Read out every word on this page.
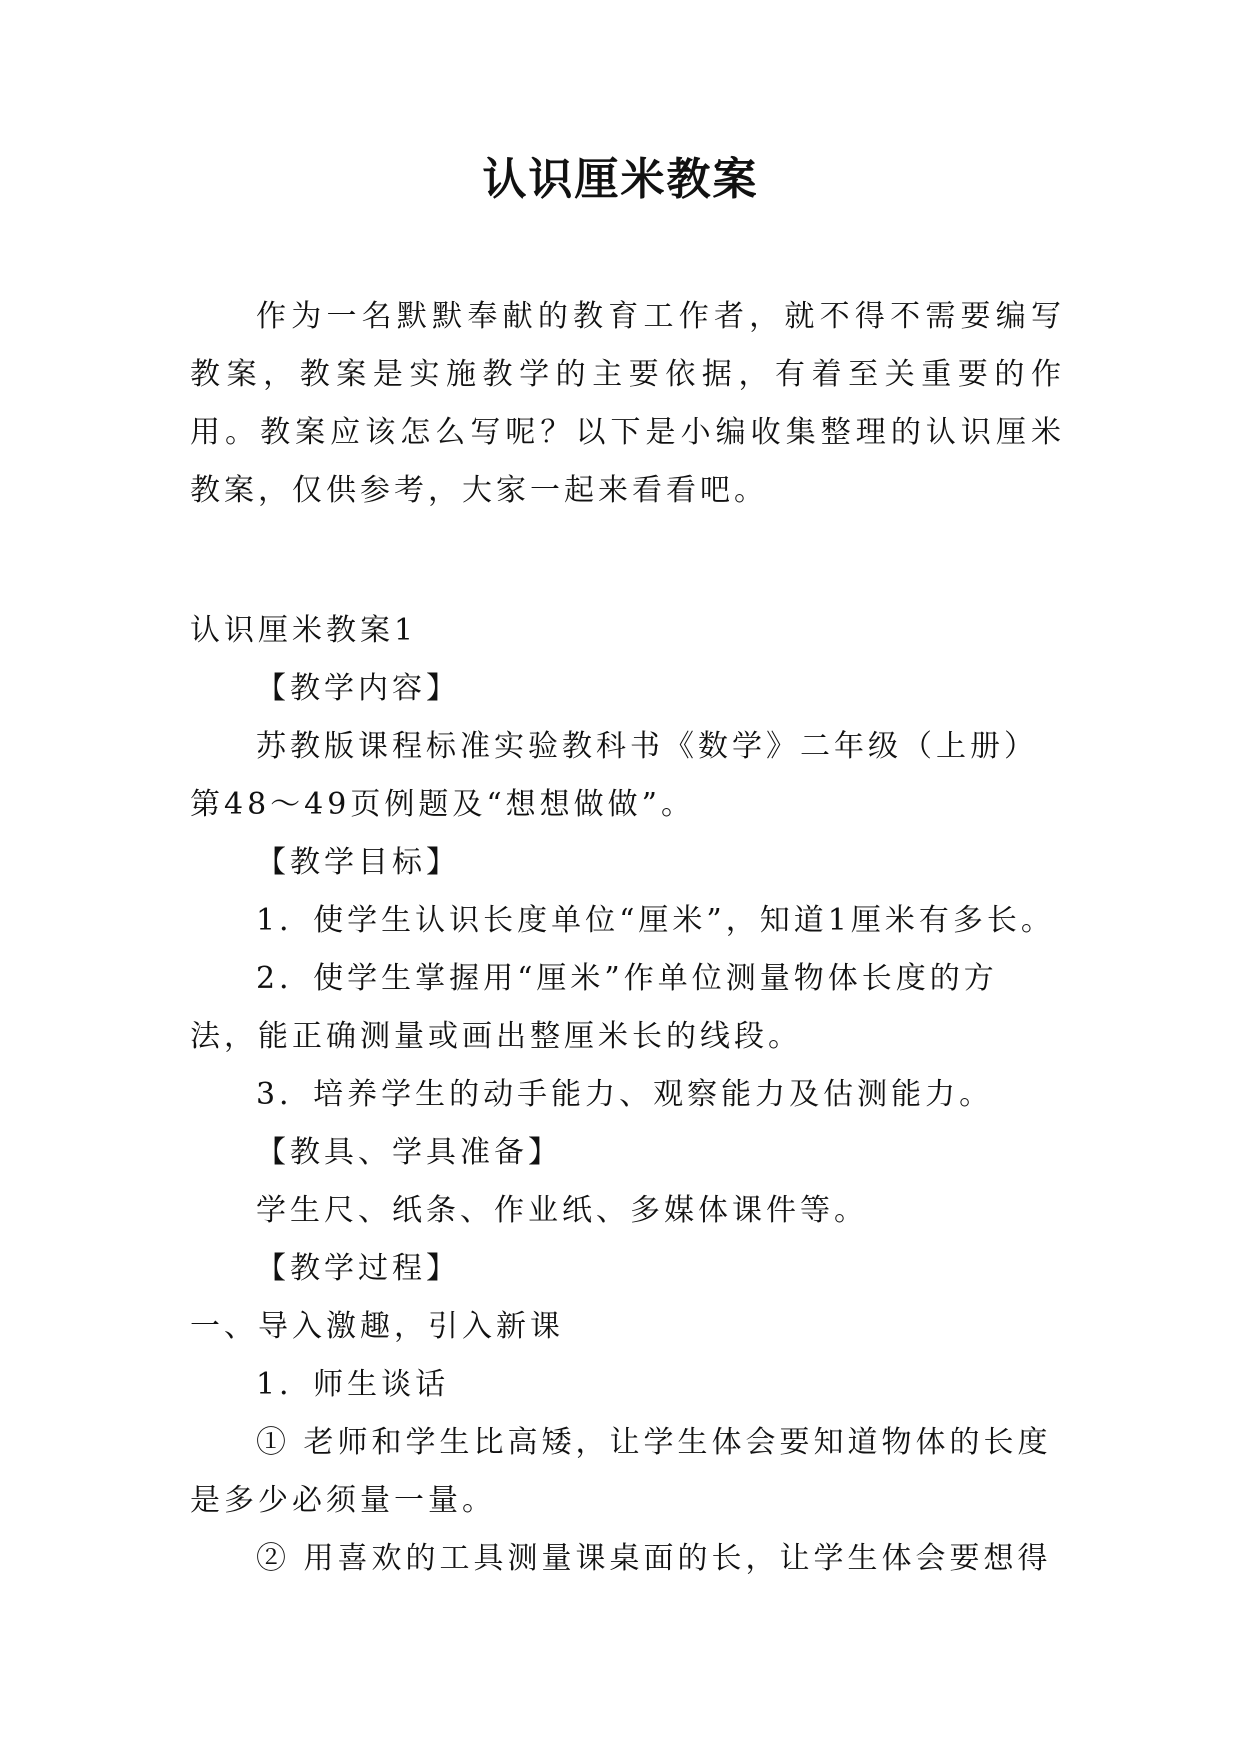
认识厘米教案

作为一名默默奉献的教育工作者，就不得不需要编写教案，教案是实施教学的主要依据，有着至关重要的作用。教案应该怎么写呢？以下是小编收集整理的认识厘米教案，仅供参考，大家一起来看看吧。

认识厘米教案1

【教学内容】

苏教版课程标准实验教科书《数学》二年级（上册）第48～49页例题及“想想做做”。

【教学目标】

1．使学生认识长度单位“厘米”，知道1厘米有多长。

2．使学生掌握用“厘米”作单位测量物体长度的方法，能正确测量或画出整厘米长的线段。

3．培养学生的动手能力、观察能力及估测能力。

【教具、学具准备】

学生尺、纸条、作业纸、多媒体课件等。

【教学过程】

一、导入激趣，引入新课

1．师生谈话

① 老师和学生比高矮，让学生体会要知道物体的长度是多少必须量一量。

② 用喜欢的工具测量课桌面的长，让学生体会要想得
